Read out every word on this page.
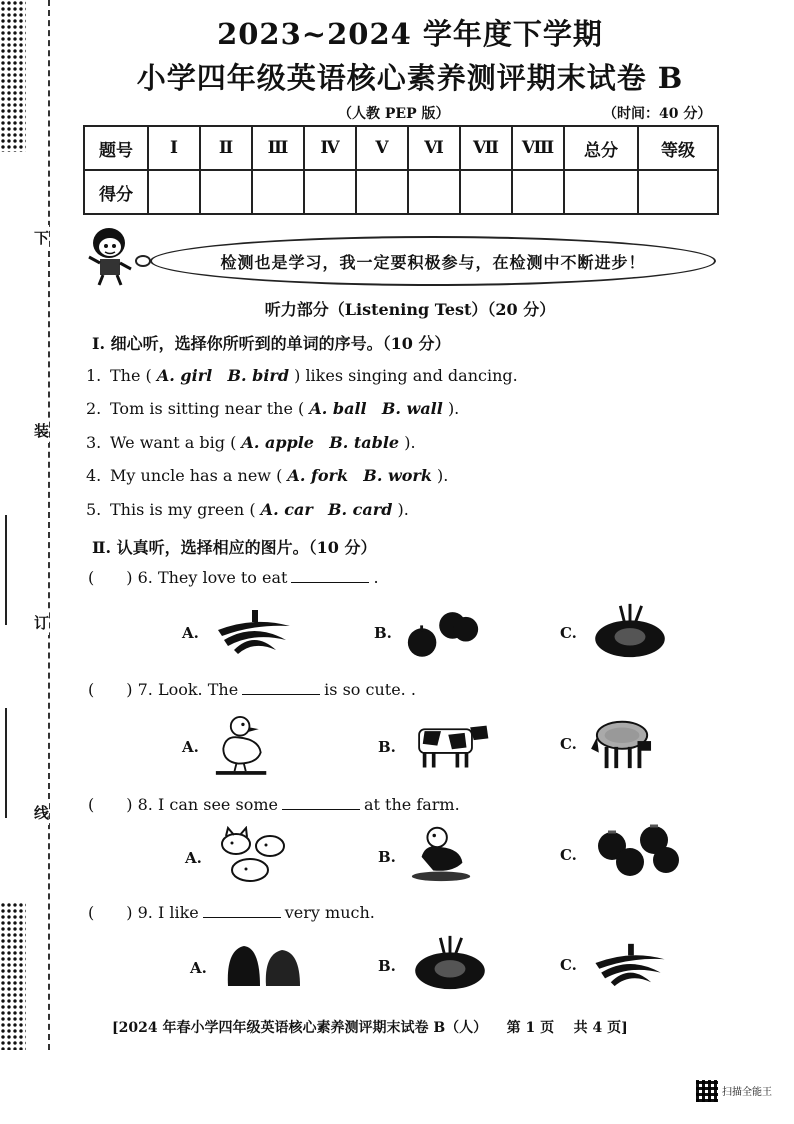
下
装
订
线
2023~2024 学年度下学期
小学四年级英语核心素养测评期末试卷 B
（人教 PEP 版）	（时间：40 分）
题号	Ⅰ	Ⅱ	Ⅲ	Ⅳ	Ⅴ	Ⅵ	Ⅶ	Ⅷ	总分	等级
得分										
检测也是学习，我一定要积极参与，在检测中不断进步！
听力部分（Listening Test）（20 分）
Ⅰ. 细心听，选择你所听到的单词的序号。（10 分）
1. The ( A. girl B. bird ) likes singing and dancing.
2. Tom is sitting near the ( A. ball B. wall ).
3. We want a big ( A. apple B. table ).
4. My uncle has a new ( A. fork B. work ).
5. This is my green ( A. car B. card ).
Ⅱ. 认真听，选择相应的图片。（10 分）
( ) 6. They love to eat	.
A.	B.	C.
( ) 7. Look. The	is so cute. .
A.	B.	C.
( ) 8. I can see some	at the farm.
A.	B.	C.
( ) 9. I like	very much.
A.	B.	C.
[2024 年春小学四年级英语核心素养测评期末试卷 B（人） 第 1 页 共 4 页]
扫描全能王
